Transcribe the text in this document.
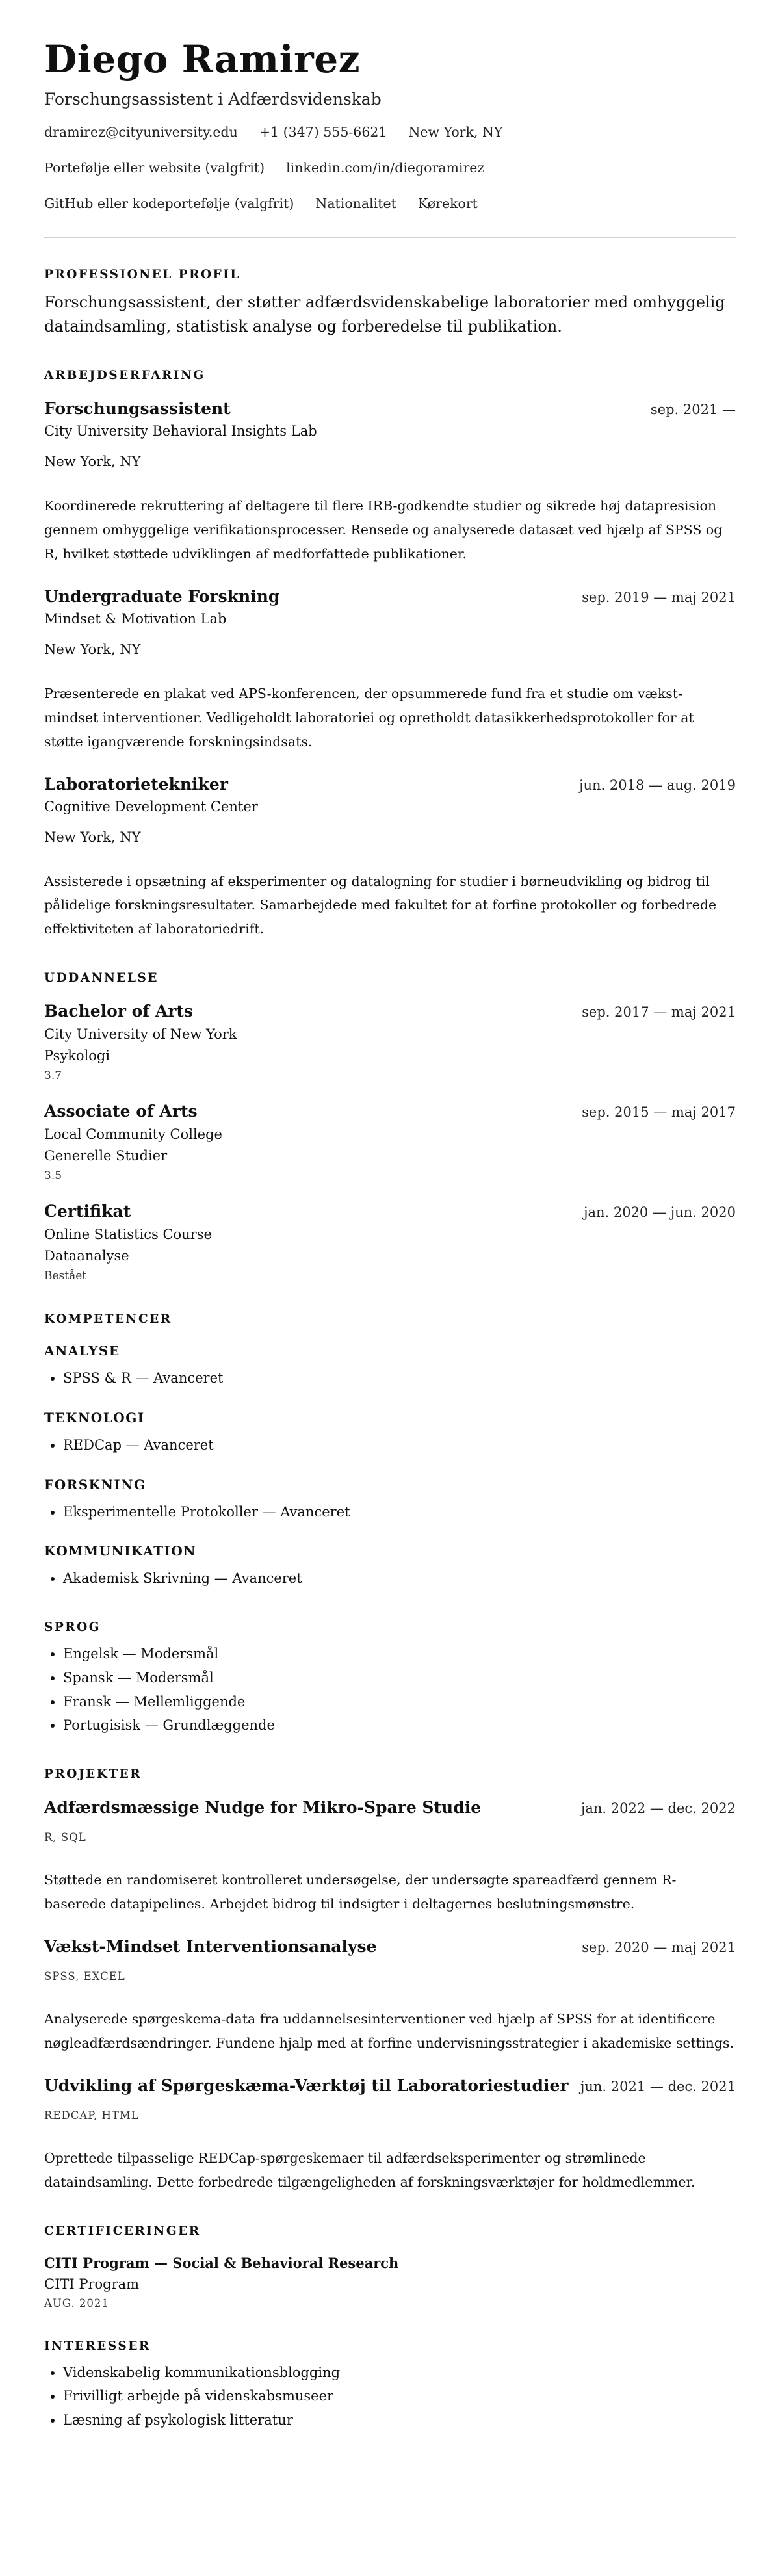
Diego Ramirez
Forschungsassistent i Adfærdsvidenskab
dramirez@cityuniversity.edu +1 (347) 555-6621 New York, NY
Portefølje eller website (valgfrit) linkedin.com/in/diegoramirez
GitHub eller kodeportefølje (valgfrit) Nationalitet Kørekort
PROFESSIONEL PROFIL
Forschungsassistent, der støtter adfærdsvidenskabelige laboratorier med omhyggelig dataindsamling, statistisk analyse og forberedelse til publikation.
ARBEJDSERFARING
Forschungsassistent	sep. 2021 —
City University Behavioral Insights Lab
New York, NY
Koordinerede rekruttering af deltagere til flere IRB-godkendte studier og sikrede høj datapresision gennem omhyggelige verifikationsprocesser. Rensede og analyserede datasæt ved hjælp af SPSS og R, hvilket støttede udviklingen af medforfattede publikationer.
Undergraduate Forskning	sep. 2019 — maj 2021
Mindset & Motivation Lab
New York, NY
Præsenterede en plakat ved APS-konferencen, der opsummerede fund fra et studie om vækst-mindset interventioner. Vedligeholdt laboratoriei og opretholdt datasikkerhedsprotokoller for at støtte igangværende forskningsindsats.
Laboratorietekniker	jun. 2018 — aug. 2019
Cognitive Development Center
New York, NY
Assisterede i opsætning af eksperimenter og datalogning for studier i børneudvikling og bidrog til pålidelige forskningsresultater. Samarbejdede med fakultet for at forfine protokoller og forbedrede effektiviteten af laboratoriedrift.
UDDANNELSE
Bachelor of Arts	sep. 2017 — maj 2021
City University of New York
Psykologi
3.7
Associate of Arts	sep. 2015 — maj 2017
Local Community College
Generelle Studier
3.5
Certifikat	jan. 2020 — jun. 2020
Online Statistics Course
Dataanalyse
Bestået
KOMPETENCER
ANALYSE
• SPSS & R — Avanceret
TEKNOLOGI
• REDCap — Avanceret
FORSKNING
• Eksperimentelle Protokoller — Avanceret
KOMMUNIKATION
• Akademisk Skrivning — Avanceret
SPROG
• Engelsk — Modersmål
• Spansk — Modersmål
• Fransk — Mellemliggende
• Portugisisk — Grundlæggende
PROJEKTER
Adfærdsmæssige Nudge for Mikro-Spare Studie	jan. 2022 — dec. 2022
R, SQL
Støttede en randomiseret kontrolleret undersøgelse, der undersøgte spareadfærd gennem R-baserede datapipelines. Arbejdet bidrog til indsigter i deltagernes beslutningsmønstre.
Vækst-Mindset Interventionsanalyse	sep. 2020 — maj 2021
SPSS, EXCEL
Analyserede spørgeskema-data fra uddannelsesinterventioner ved hjælp af SPSS for at identificere nøgleadfærdsændringer. Fundene hjalp med at forfine undervisningsstrategier i akademiske settings.
Udvikling af Spørgeskæma-Værktøj til Laboratoriestudier jun. 2021 — dec. 2021
REDCAP, HTML
Oprettede tilpasselige REDCap-spørgeskemaer til adfærdseksperimenter og strømlinede dataindsamling. Dette forbedrede tilgængeligheden af forskningsværktøjer for holdmedlemmer.
CERTIFICERINGER
CITI Program — Social & Behavioral Research
CITI Program
AUG. 2021
INTERESSER
• Videnskabelig kommunikationsblogging
• Frivilligt arbejde på videnskabsmuseer
• Læsning af psykologisk litteratur
